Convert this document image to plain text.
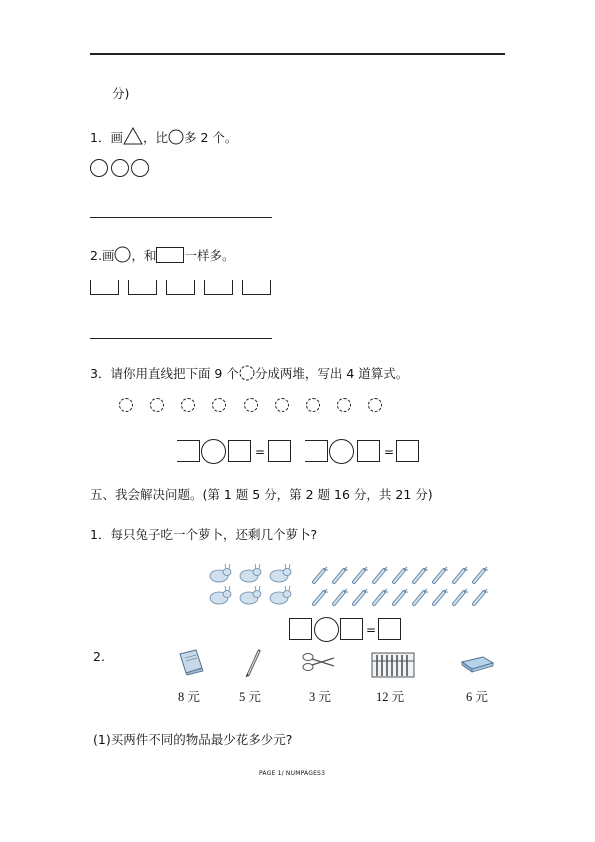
分)
1．画 ，比 多 2 个。
2.画 ，和 一样多。
3．请你用直线把下面 9 个 分成两堆，写出 4 道算式。
=	=
五、我会解决问题。(第 1 题 5 分，第 2 题 16 分，共 21 分)
1．每只兔子吃一个萝卜，还剩几个萝卜?
=
2.
8 元	5 元	3 元	12 元	6 元
(1)买两件不同的物品最少花多少元?
PAGE 1/ NUMPAGES3
